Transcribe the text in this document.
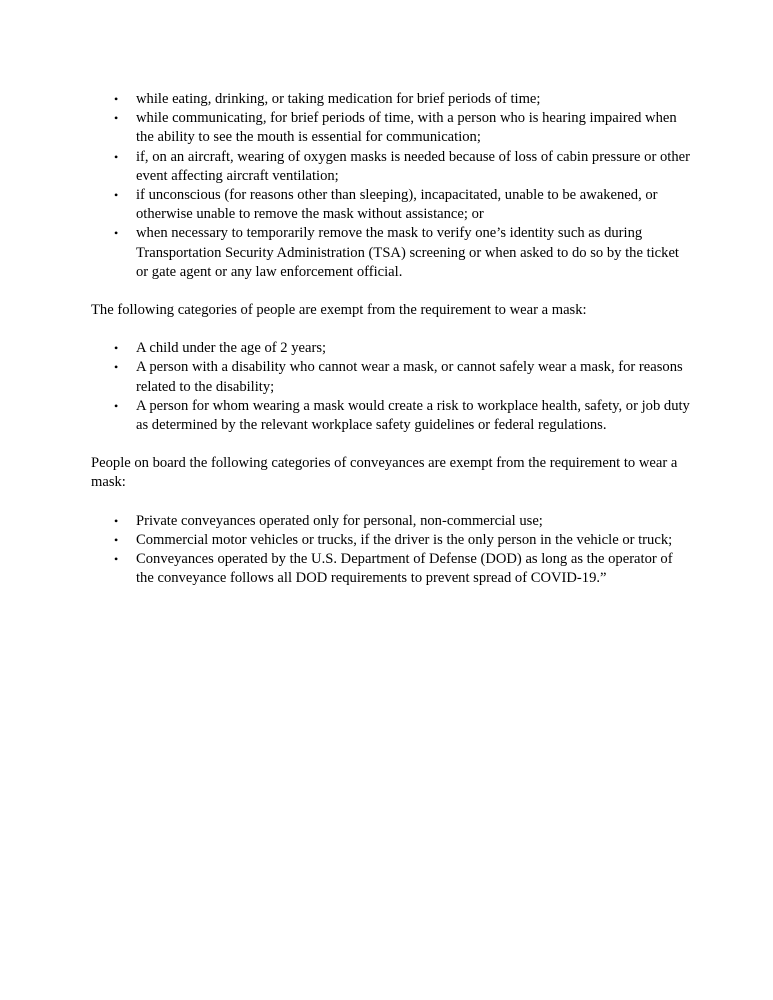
• while eating, drinking, or taking medication for brief periods of time;
• while communicating, for brief periods of time, with a person who is hearing impaired when the ability to see the mouth is essential for communication;
• if, on an aircraft, wearing of oxygen masks is needed because of loss of cabin pressure or other event affecting aircraft ventilation;
• if unconscious (for reasons other than sleeping), incapacitated, unable to be awakened, or otherwise unable to remove the mask without assistance; or
• when necessary to temporarily remove the mask to verify one’s identity such as during Transportation Security Administration (TSA) screening or when asked to do so by the ticket or gate agent or any law enforcement official.

The following categories of people are exempt from the requirement to wear a mask:

• A child under the age of 2 years;
• A person with a disability who cannot wear a mask, or cannot safely wear a mask, for reasons related to the disability;
• A person for whom wearing a mask would create a risk to workplace health, safety, or job duty as determined by the relevant workplace safety guidelines or federal regulations.

People on board the following categories of conveyances are exempt from the requirement to wear a mask:

• Private conveyances operated only for personal, non-commercial use;
• Commercial motor vehicles or trucks, if the driver is the only person in the vehicle or truck;
• Conveyances operated by the U.S. Department of Defense (DOD) as long as the operator of the conveyance follows all DOD requirements to prevent spread of COVID-19.”
